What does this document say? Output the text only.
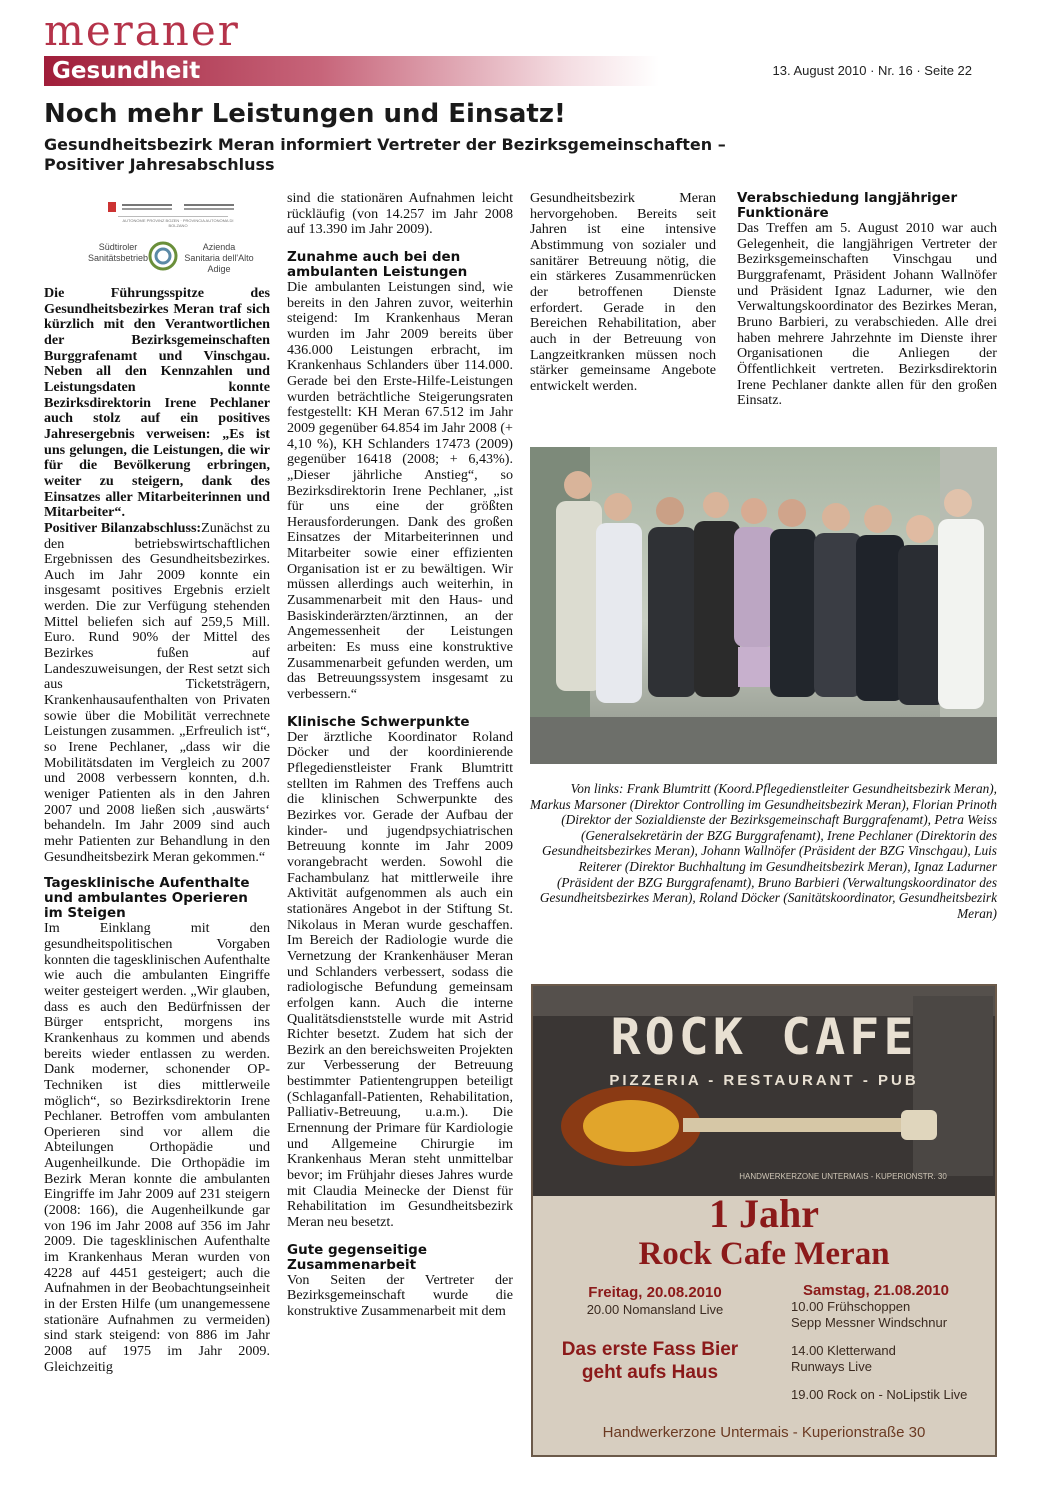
meraner
Gesundheit	13. August 2010 · Nr. 16 · Seite 22
Noch mehr Leistungen und Einsatz!
Gesundheitsbezirk Meran informiert Vertreter der Bezirksgemeinschaften – Positiver Jahresabschluss
Südtiroler Sanitätsbetrieb
Azienda Sanitaria dell'Alto Adige
AUTONOME PROVINZ BOZEN · PROVINCIA AUTONOMA DI BOLZANO

Die Führungsspitze des Gesundheitsbezirkes Meran traf sich kürzlich mit den Verantwortlichen der Bezirksgemeinschaften Burggrafenamt und Vinschgau. Neben all den Kennzahlen und Leistungsdaten konnte Bezirksdirektorin Irene Pechlaner auch stolz auf ein positives Jahresergebnis verweisen: „Es ist uns gelungen, die Leistungen, die wir für die Bevölkerung erbringen, weiter zu steigern, dank des Einsatzes aller Mitarbeiterinnen und Mitarbeiter“.

Positiver Bilanzabschluss:Zunächst zu den betriebswirtschaftlichen Ergebnissen des Gesundheitsbezirkes. Auch im Jahr 2009 konnte ein insgesamt positives Ergebnis erzielt werden. Die zur Verfügung stehenden Mittel beliefen sich auf 259,5 Mill. Euro. Rund 90% der Mittel des Bezirkes fußen auf Landeszuweisungen, der Rest setzt sich aus Ticketsträgern, Krankenhausaufenthalten von Privaten sowie über die Mobilität verrechnete Leistungen zusammen. „Erfreulich ist“, so Irene Pechlaner, „dass wir die Mobilitätsdaten im Vergleich zu 2007 und 2008 verbessern konnten, d.h. weniger Patienten als in den Jahren 2007 und 2008 ließen sich ‚auswärts‘ behandeln. Im Jahr 2009 sind auch mehr Patienten zur Behandlung in den Gesundheitsbezirk Meran gekommen.“

Tagesklinische Aufenthalte und ambulantes Operieren im Steigen

Im Einklang mit den gesundheitspolitischen Vorgaben konnten die tagesklinischen Aufenthalte wie auch die ambulanten Eingriffe weiter gesteigert werden. „Wir glauben, dass es auch den Bedürfnissen der Bürger entspricht, morgens ins Krankenhaus zu kommen und abends bereits wieder entlassen zu werden. Dank moderner, schonender OP-Techniken ist dies mittlerweile möglich“, so Bezirksdirektorin Irene Pechlaner. Betroffen vom ambulanten Operieren sind vor allem die Abteilungen Orthopädie und Augenheilkunde. Die Orthopädie im Bezirk Meran konnte die ambulanten Eingriffe im Jahr 2009 auf 231 steigern (2008: 166), die Augenheilkunde gar von 196 im Jahr 2008 auf 356 im Jahr 2009. Die tagesklinischen Aufenthalte im Krankenhaus Meran wurden von 4228 auf 4451 gesteigert; auch die Aufnahmen in der Beobachtungseinheit in der Ersten Hilfe (um unangemessene stationäre Aufnahmen zu vermeiden) sind stark steigend: von 886 im Jahr 2008 auf 1975 im Jahr 2009. Gleichzeitig

sind die stationären Aufnahmen leicht rückläufig (von 14.257 im Jahr 2008 auf 13.390 im Jahr 2009).

Zunahme auch bei den ambulanten Leistungen

Die ambulanten Leistungen sind, wie bereits in den Jahren zuvor, weiterhin steigend: Im Krankenhaus Meran wurden im Jahr 2009 bereits über 436.000 Leistungen erbracht, im Krankenhaus Schlanders über 114.000. Gerade bei den Erste-Hilfe-Leistungen wurden beträchtliche Steigerungsraten festgestellt: KH Meran 67.512 im Jahr 2009 gegenüber 64.854 im Jahr 2008 (+ 4,10 %), KH Schlanders 17473 (2009) gegenüber 16418 (2008; + 6,43%). „Dieser jährliche Anstieg“, so Bezirksdirektorin Irene Pechlaner, „ist für uns eine der größten Herausforderungen. Dank des großen Einsatzes der Mitarbeiterinnen und Mitarbeiter sowie einer effizienten Organisation ist er zu bewältigen. Wir müssen allerdings auch weiterhin, in Zusammenarbeit mit den Haus- und Basiskinderärzten/ärztinnen, an der Angemessenheit der Leistungen arbeiten: Es muss eine konstruktive Zusammenarbeit gefunden werden, um das Betreuungssystem insgesamt zu verbessern.“

Klinische Schwerpunkte

Der ärztliche Koordinator Roland Döcker und der koordinierende Pflegedienstleister Frank Blumtritt stellten im Rahmen des Treffens auch die klinischen Schwerpunkte des Bezirkes vor. Gerade der Aufbau der kinder- und jugendpsychiatrischen Betreuung konnte im Jahr 2009 vorangebracht werden. Sowohl die Fachambulanz hat mittlerweile ihre Aktivität aufgenommen als auch ein stationäres Angebot in der Stiftung St. Nikolaus in Meran wurde geschaffen. Im Bereich der Radiologie wurde die Vernetzung der Krankenhäuser Meran und Schlanders verbessert, sodass die radiologische Befundung gemeinsam erfolgen kann. Auch die interne Qualitätsdienststelle wurde mit Astrid Richter besetzt. Zudem hat sich der Bezirk an den bereichsweiten Projekten zur Verbesserung der Betreuung bestimmter Patientengruppen beteiligt (Schlaganfall-Patienten, Rehabilitation, Palliativ-Betreuung, u.a.m.). Die Ernennung der Primare für Kardiologie und Allgemeine Chirurgie im Krankenhaus Meran steht unmittelbar bevor; im Frühjahr dieses Jahres wurde mit Claudia Meinecke der Dienst für Rehabilitation im Gesundheitsbezirk Meran neu besetzt.

Gute gegenseitige Zusammenarbeit

Von Seiten der Vertreter der Bezirksgemeinschaft wurde die konstruktive Zusammenarbeit mit dem

Gesundheitsbezirk Meran hervorgehoben. Bereits seit Jahren ist eine intensive Abstimmung von sozialer und sanitärer Betreuung nötig, die ein stärkeres Zusammenrücken der betroffenen Dienste erfordert. Gerade in den Bereichen Rehabilitation, aber auch in der Betreuung von Langzeitkranken müssen noch stärker gemeinsame Angebote entwickelt werden.

Verabschiedung langjähriger Funktionäre

Das Treffen am 5. August 2010 war auch Gelegenheit, die langjährigen Vertreter der Bezirksgemeinschaften Vinschgau und Burggrafenamt, Präsident Johann Wallnöfer und Präsident Ignaz Ladurner, wie den Verwaltungskoordinator des Bezirkes Meran, Bruno Barbieri, zu verabschieden. Alle drei haben mehrere Jahrzehnte im Dienste ihrer Organisationen die Anliegen der Öffentlichkeit vertreten. Bezirksdirektorin Irene Pechlaner dankte allen für den großen Einsatz.

Von links: Frank Blumtritt (Koord.Pflegedienstleiter Gesundheitsbezirk Meran), Markus Marsoner (Direktor Controlling im Gesundheitsbezirk Meran), Florian Prinoth (Direktor der Sozialdienste der Bezirksgemeinschaft Burggrafenamt), Petra Weiss (Generalsekretärin der BZG Burggrafenamt), Irene Pechlaner (Direktorin des Gesundheitsbezirkes Meran), Johann Wallnöfer (Präsident der BZG Vinschgau), Luis Reiterer (Direktor Buchhaltung im Gesundheitsbezirk Meran), Ignaz Ladurner (Präsident der BZG Burggrafenamt), Bruno Barbieri (Verwaltungskoordinator des Gesundheitsbezirkes Meran), Roland Döcker (Sanitätskoordinator, Gesundheitsbezirk Meran)
ROCK CAFE
PIZZERIA - RESTAURANT - PUB
HANDWERKERZONE UNTERMAIS - KUPERIONSTR. 30
1 Jahr
Rock Cafe Meran
Freitag, 20.08.2010
20.00 Nomansland Live
Das erste Fass Bier
geht aufs Haus
Samstag, 21.08.2010
10.00 Frühschoppen
Sepp Messner Windschnur
14.00 Kletterwand
Runways Live
19.00 Rock on - NoLipstik Live
Handwerkerzone Untermais - Kuperionstraße 30
